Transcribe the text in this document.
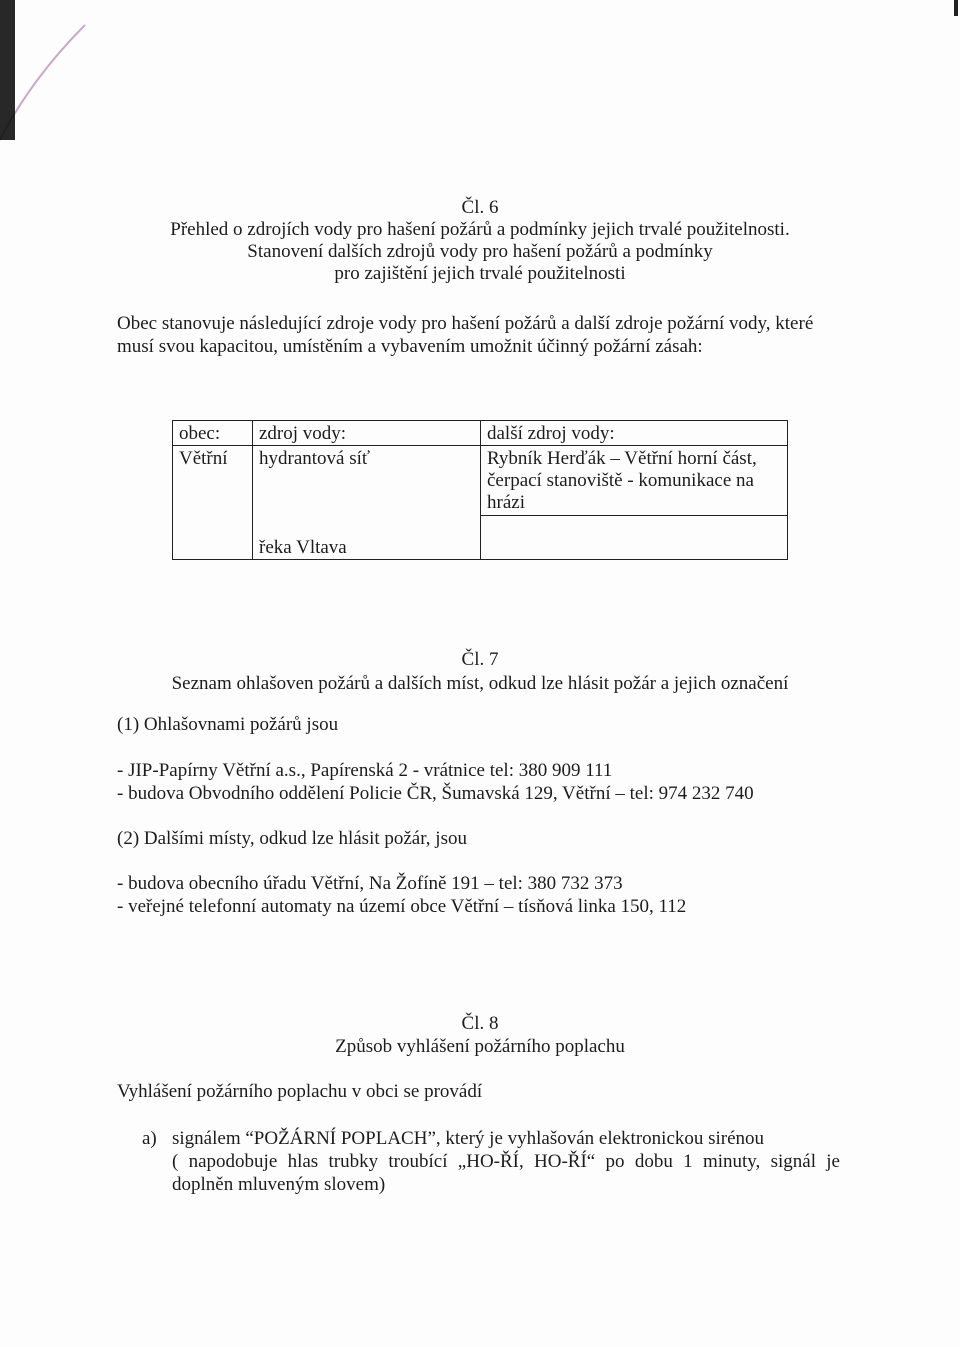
Čl. 6
Přehled o zdrojích vody pro hašení požárů a podmínky jejich trvalé použitelnosti.
Stanovení dalších zdrojů vody pro hašení požárů a podmínky
pro zajištění jejich trvalé použitelnosti
Obec stanovuje následující zdroje vody pro hašení požárů a další zdroje požární vody, které
musí svou kapacitou, umístěním a vybavením umožnit účinný požární zásah:
obec:	zdroj vody:	další zdroj vody:
Větřní	hydrantová síť	Rybník Herďák – Větřní horní část,
čerpací stanoviště - komunikace na
hrázi

	řeka Vltava	
Čl. 7
Seznam ohlašoven požárů a dalších míst, odkud lze hlásit požár a jejich označení
(1) Ohlašovnami požárů jsou
- JIP-Papírny Větřní a.s., Papírenská 2 - vrátnice tel: 380 909 111
- budova Obvodního oddělení Policie ČR, Šumavská 129, Větřní – tel: 974 232 740
(2) Dalšími místy, odkud lze hlásit požár, jsou
- budova obecního úřadu Větřní, Na Žofíně 191 – tel: 380 732 373
- veřejné telefonní automaty na území obce Větřní – tísňová linka 150, 112
Čl. 8
Způsob vyhlášení požárního poplachu
Vyhlášení požárního poplachu v obci se provádí
a) signálem “POŽÁRNÍ POPLACH”, který je vyhlašován elektronickou sirénou
( napodobuje hlas trubky troubící „HO-ŘÍ, HO-ŘÍ“ po dobu 1 minuty, signál je
doplněn mluveným slovem)
